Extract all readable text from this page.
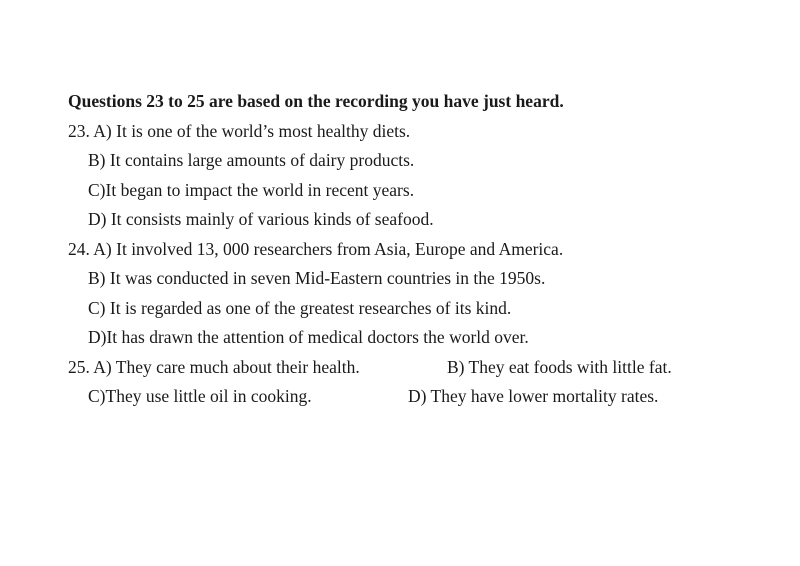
Questions 23 to 25 are based on the recording you have just heard.
23. A) It is one of the world’s most healthy diets.
B) It contains large amounts of dairy products.
C)It began to impact the world in recent years.
D) It consists mainly of various kinds of seafood.
24. A) It involved 13, 000 researchers from Asia, Europe and America.
B) It was conducted in seven Mid-Eastern countries in the 1950s.
C) It is regarded as one of the greatest researches of its kind.
D)It has drawn the attention of medical doctors the world over.
25. A) They care much about their health.	B) They eat foods with little fat.
C)They use little oil in cooking.	D) They have lower mortality rates.
